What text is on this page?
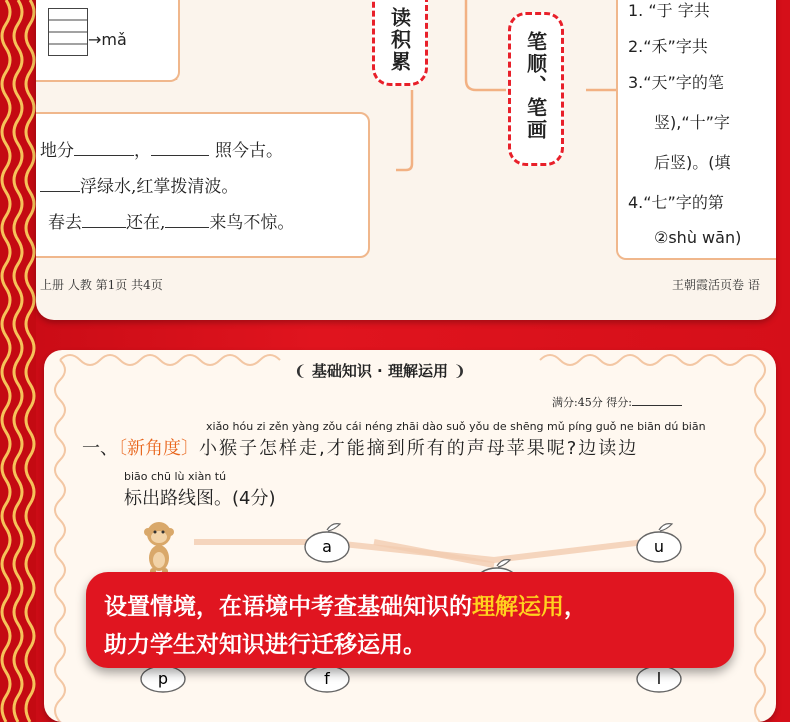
→mǎ
地分	，	照今古。
浮绿水,红掌拨清波。
春去	还在,	来鸟不惊。
读积累	笔顺、笔画
1. “于 字共
2.“禾”字共
3.“天”字的笔
竖),“十”字
后竖)。(填
4.“七”字的第
②shù wān)
上册 人教 第1页 共4页	王朝霞活页卷 语
❨ 基础知识 · 理解运用 ❩
满分:45分 得分:
xiǎo hóu zi zěn yàng zǒu cái néng zhāi dào suǒ yǒu de shēng mǔ píng guǒ ne biān dú biān
一、〔新角度〕小猴子怎样走,才能摘到所有的声母苹果呢?边读边
biāo chū lù xiàn tú
标出路线图。(4分)
a	u
p	f	l
设置情境，在语境中考查基础知识的理解运用，
助力学生对知识进行迁移运用。
